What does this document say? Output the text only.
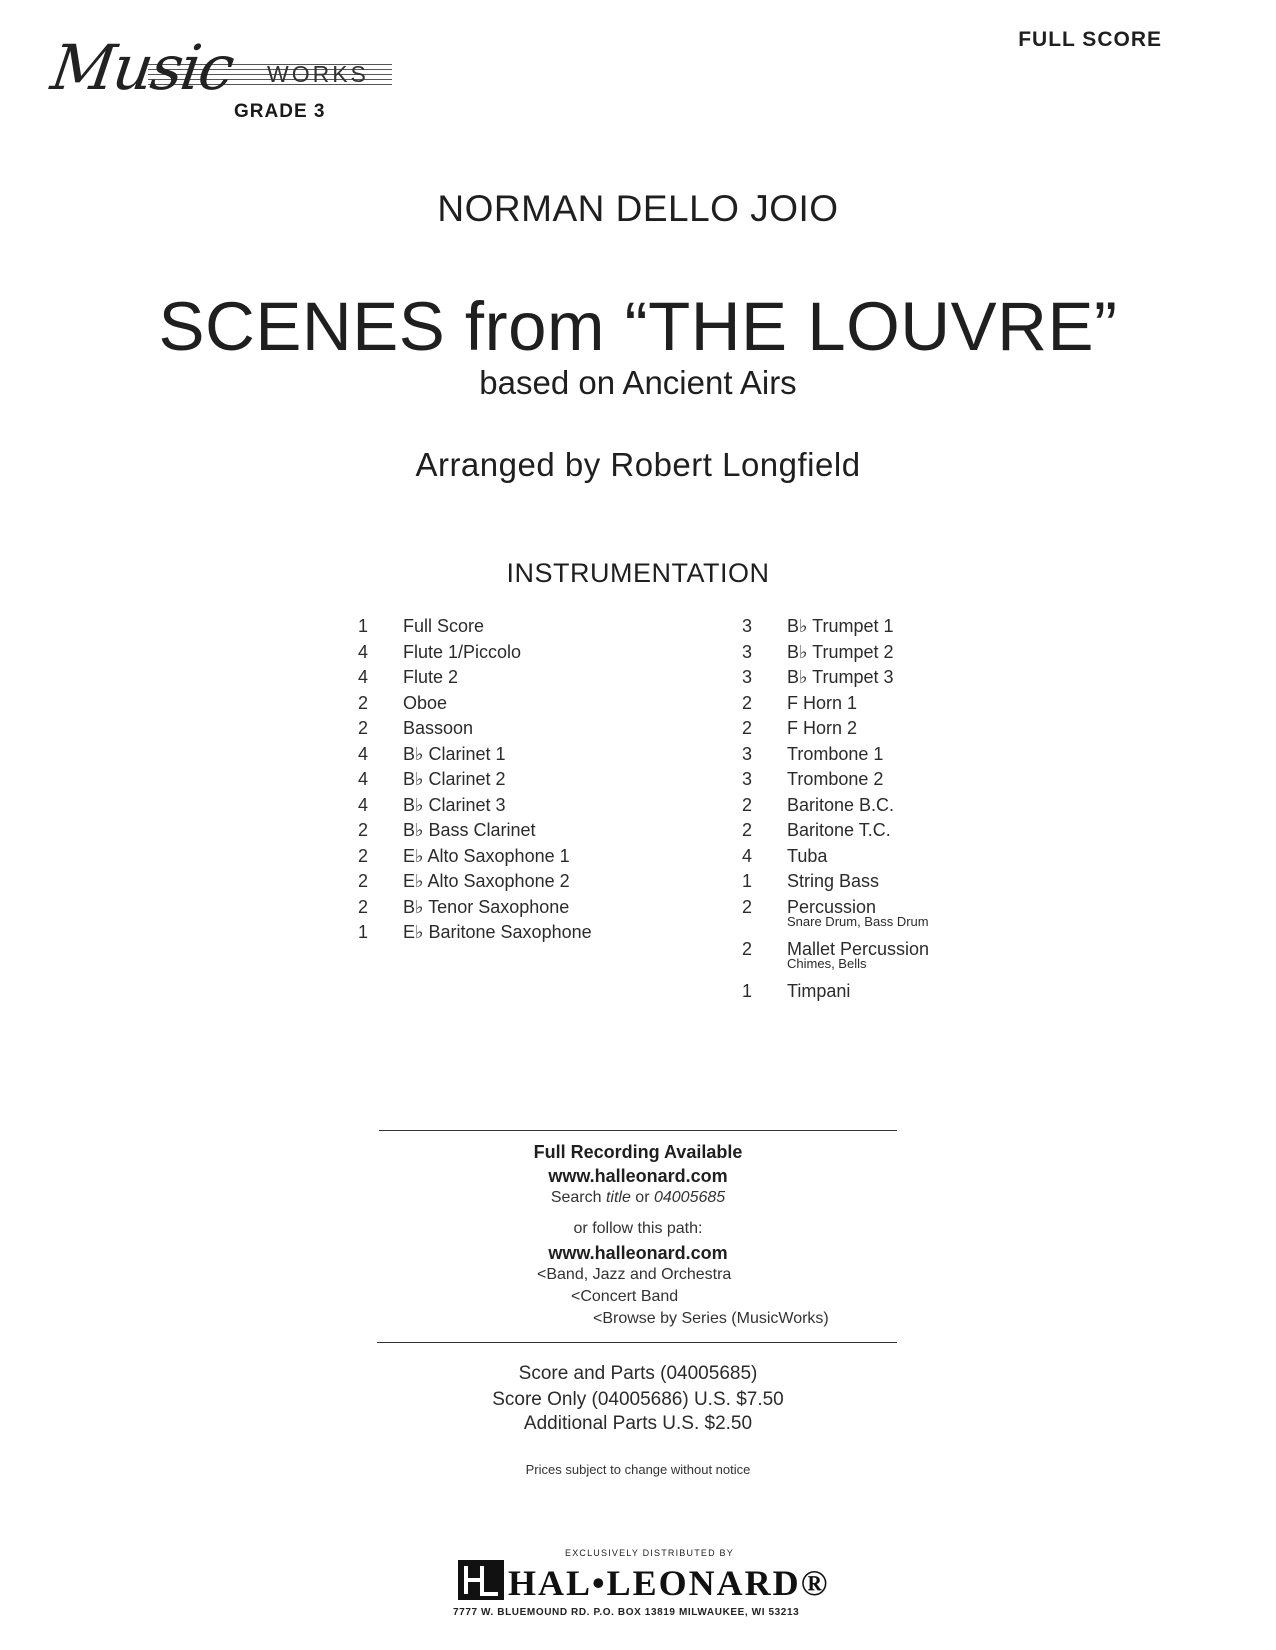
Music WORKS
GRADE 3
FULL SCORE
NORMAN DELLO JOIO
SCENES from “THE LOUVRE”
based on Ancient Airs
Arranged by Robert Longfield
INSTRUMENTATION
1 Full Score
4 Flute 1/Piccolo
4 Flute 2
2 Oboe
2 Bassoon
4 B♭ Clarinet 1
4 B♭ Clarinet 2
4 B♭ Clarinet 3
2 B♭ Bass Clarinet
2 E♭ Alto Saxophone 1
2 E♭ Alto Saxophone 2
2 B♭ Tenor Saxophone
1 E♭ Baritone Saxophone
3 B♭ Trumpet 1
3 B♭ Trumpet 2
3 B♭ Trumpet 3
2 F Horn 1
2 F Horn 2
3 Trombone 1
3 Trombone 2
2 Baritone B.C.
2 Baritone T.C.
4 Tuba
1 String Bass
2 Percussion
Snare Drum, Bass Drum
2 Mallet Percussion
Chimes, Bells
1 Timpani
Full Recording Available
www.halleonard.com
Search title or 04005685
or follow this path:
www.halleonard.com
<Band, Jazz and Orchestra
<Concert Band
<Browse by Series (MusicWorks)
Score and Parts (04005685)
Score Only (04005686) U.S. $7.50
Additional Parts U.S. $2.50
Prices subject to change without notice
EXCLUSIVELY DISTRIBUTED BY
HAL•LEONARD®
7777 W. BLUEMOUND RD. P.O. BOX 13819 MILWAUKEE, WI 53213
